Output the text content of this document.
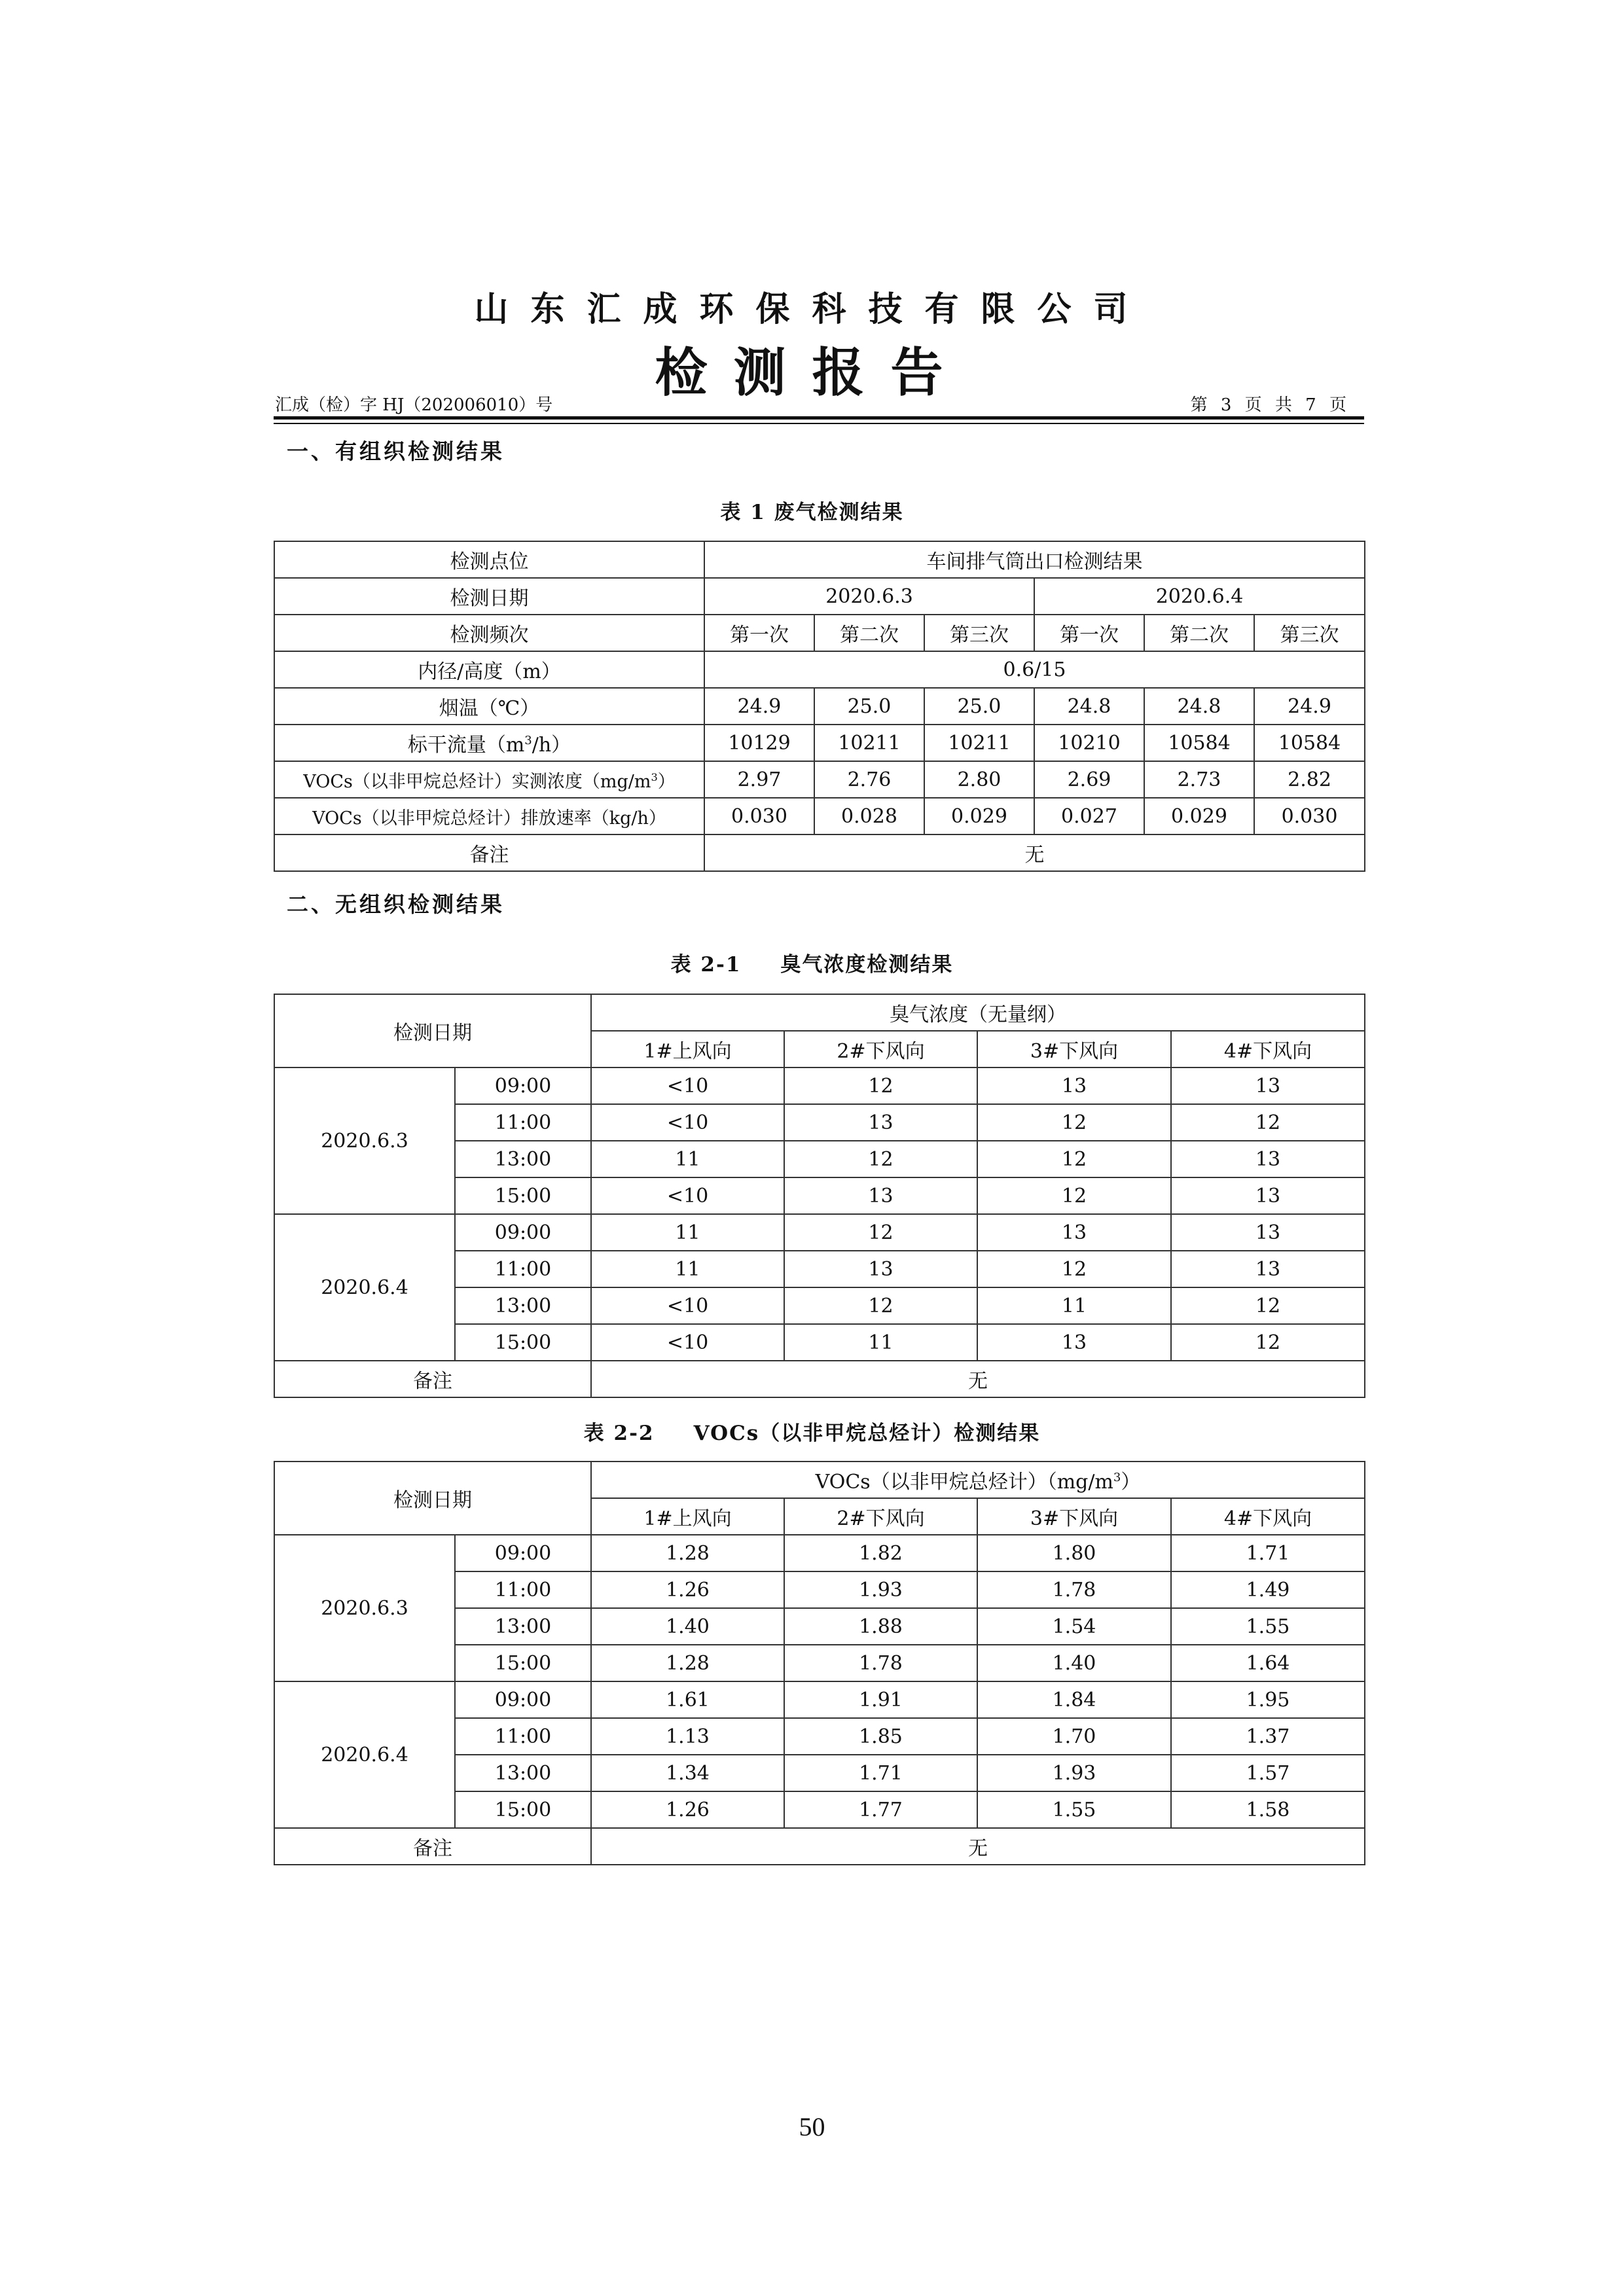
山东汇成环保科技有限公司
检测报告
汇成（检）字 HJ（202006010）号	第 3 页 共 7 页
一、有组织检测结果
表 1 废气检测结果
检测点位	车间排气筒出口检测结果					
检测日期	2020.6.3			2020.6.4		
检测频次	第一次	第二次	第三次	第一次	第二次	第三次
内径/高度（m）	0.6/15					
烟温（℃）	24.9	25.0	25.0	24.8	24.8	24.9
标干流量$(m^3/h)$	10129	10211	10211	10210	10584	10584
VOCs（以非甲烷总烃计）实测浓度$(mg/m^3)$	2.97	2.76	2.80	2.69	2.73	2.82
VOCs（以非甲烷总烃计）排放速率（kg/h）	0.030	0.028	0.029	0.027	0.029	0.030
备注	无					
二、无组织检测结果
表 2-1 臭气浓度检测结果
检测日期		臭气浓度（无量纲）			
		1#上风向	2#下风向	3#下风向	4#下风向
2020.6.3	09:00	<10	12	13	13
	11:00	<10	13	12	12
	13:00	11	12	12	13
	15:00	<10	13	12	13
2020.6.4	09:00	11	12	13	13
	11:00	11	13	12	13
	13:00	<10	12	11	12
	15:00	<10	11	13	12
备注		无			
表 2-2 VOCs（以非甲烷总烃计）检测结果
检测日期		VOCs（以非甲烷总烃计）$(mg/m^3)$			
		1#上风向	2#下风向	3#下风向	4#下风向
2020.6.3	09:00	1.28	1.82	1.80	1.71
	11:00	1.26	1.93	1.78	1.49
	13:00	1.40	1.88	1.54	1.55
	15:00	1.28	1.78	1.40	1.64
2020.6.4	09:00	1.61	1.91	1.84	1.95
	11:00	1.13	1.85	1.70	1.37
	13:00	1.34	1.71	1.93	1.57
	15:00	1.26	1.77	1.55	1.58
备注		无			
50
